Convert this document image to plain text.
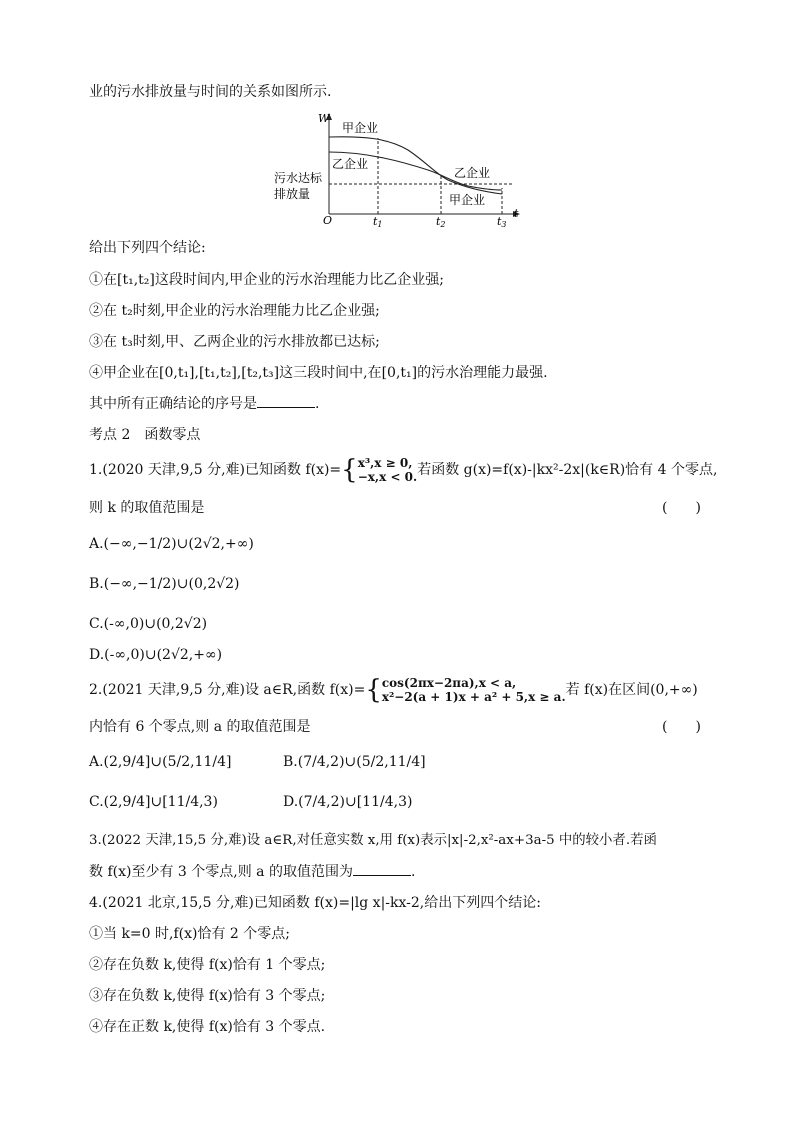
业的污水排放量与时间的关系如图所示.
W
t
O
甲企业
乙企业
乙企业
甲企业
污水达标
排放量
t1	t2	t3
给出下列四个结论:
①在[t₁,t₂]这段时间内,甲企业的污水治理能力比乙企业强;
②在 t₂时刻,甲企业的污水治理能力比乙企业强;
③在 t₃时刻,甲、乙两企业的污水排放都已达标;
④甲企业在[0,t₁],[t₁,t₂],[t₂,t₃]这三段时间中,在[0,t₁]的污水治理能力最强.
其中所有正确结论的序号是	.
考点 2　函数零点
1.(2020 天津,9,5 分,难)已知函数 f(x)={x³,x ≥ 0,
−x,x < 0.若函数 g(x)=f(x)-|kx²-2x|(k∈R)恰有 4 个零点,
则 k 的取值范围是	(　　)
A.(−∞,−1/2)∪(2√2,+∞)
B.(−∞,−1/2)∪(0,2√2)
C.(-∞,0)∪(0,2√2)
D.(-∞,0)∪(2√2,+∞)
2.(2021 天津,9,5 分,难)设 a∈R,函数 f(x)={cos(2πx−2πa),x < a,
x²−2(a + 1)x + a² + 5,x ≥ a.若 f(x)在区间(0,+∞)
内恰有 6 个零点,则 a 的取值范围是	(　　)
A.(2,9/4]∪(5/2,11/4]	B.(7/4,2)∪(5/2,11/4]
C.(2,9/4]∪[11/4,3)	D.(7/4,2)∪[11/4,3)
3.(2022 天津,15,5 分,难)设 a∈R,对任意实数 x,用 f(x)表示|x|-2,x²-ax+3a-5 中的较小者.若函
数 f(x)至少有 3 个零点,则 a 的取值范围为	.
4.(2021 北京,15,5 分,难)已知函数 f(x)=|lg x|-kx-2,给出下列四个结论:
①当 k=0 时,f(x)恰有 2 个零点;
②存在负数 k,使得 f(x)恰有 1 个零点;
③存在负数 k,使得 f(x)恰有 3 个零点;
④存在正数 k,使得 f(x)恰有 3 个零点.
